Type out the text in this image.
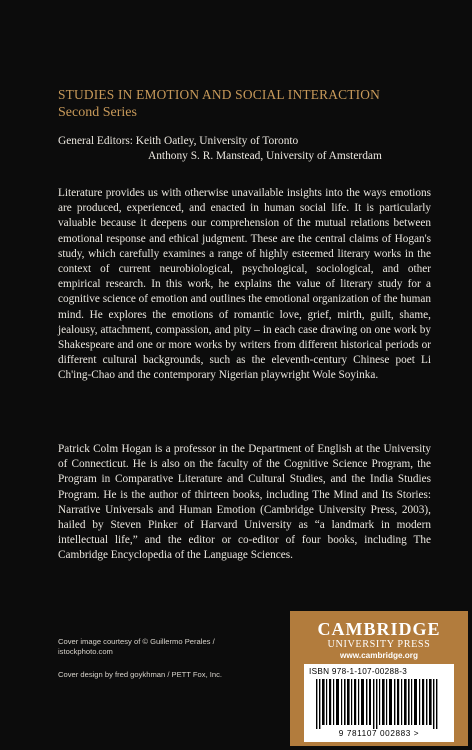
STUDIES IN EMOTION AND SOCIAL INTERACTION
Second Series
General Editors: Keith Oatley, University of Toronto
Anthony S. R. Manstead, University of Amsterdam

Literature provides us with otherwise unavailable insights into the ways emotions are produced, experienced, and enacted in human social life. It is particularly valuable because it deepens our comprehension of the mutual relations between emotional response and ethical judgment. These are the central claims of Hogan's study, which carefully examines a range of highly esteemed literary works in the context of current neurobiological, psychological, sociological, and other empirical research. In this work, he explains the value of literary study for a cognitive science of emotion and outlines the emotional organization of the human mind. He explores the emotions of romantic love, grief, mirth, guilt, shame, jealousy, attachment, compassion, and pity – in each case drawing on one work by Shakespeare and one or more works by writers from different historical periods or different cultural backgrounds, such as the eleventh-century Chinese poet Li Ch'ing-Chao and the contemporary Nigerian playwright Wole Soyinka.

Patrick Colm Hogan is a professor in the Department of English at the University of Connecticut. He is also on the faculty of the Cognitive Science Program, the Program in Comparative Literature and Cultural Studies, and the India Studies Program. He is the author of thirteen books, including The Mind and Its Stories: Narrative Universals and Human Emotion (Cambridge University Press, 2003), hailed by Steven Pinker of Harvard University as “a landmark in modern intellectual life,” and the editor or co-editor of four books, including The Cambridge Encyclopedia of the Language Sciences.

Cover image courtesy of © Guillermo Perales /
istockphoto.com
Cover design by fred goykhman / PETT Fox, Inc.
CAMBRIDGE
UNIVERSITY PRESS
www.cambridge.org
ISBN 978-1-107-00288-3
9 781107 002883 >
